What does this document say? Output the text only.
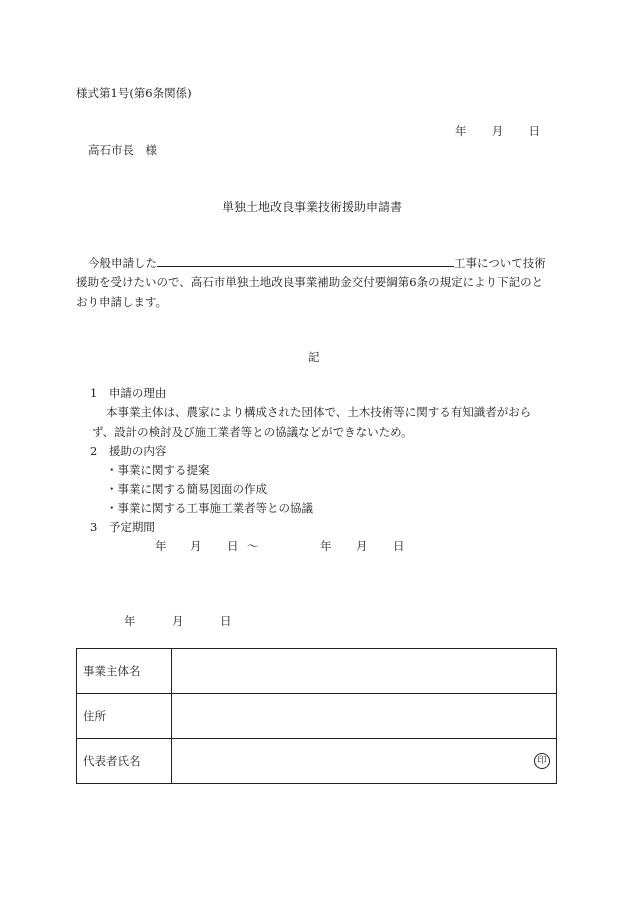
様式第1号(第6条関係)
年 月 日
高石市長　様
単独土地改良事業技術援助申請書
今般申請した	工事について技術
援助を受けたいので、高石市単独土地改良事業補助金交付要綱第6条の規定により下記のと
おり申請します。
記
1　申請の理由
本事業主体は、農家により構成された団体で、土木技術等に関する有知識者がおら
ず、設計の検討及び施工業者等との協議などができないため。
2　援助の内容
・事業に関する提案
・事業に関する簡易図面の作成
・事業に関する工事施工業者等との協議
3　予定期間
年 月 日 〜	年 月 日
年	月	日
事業主体名	
住所	
代表者氏名	印
